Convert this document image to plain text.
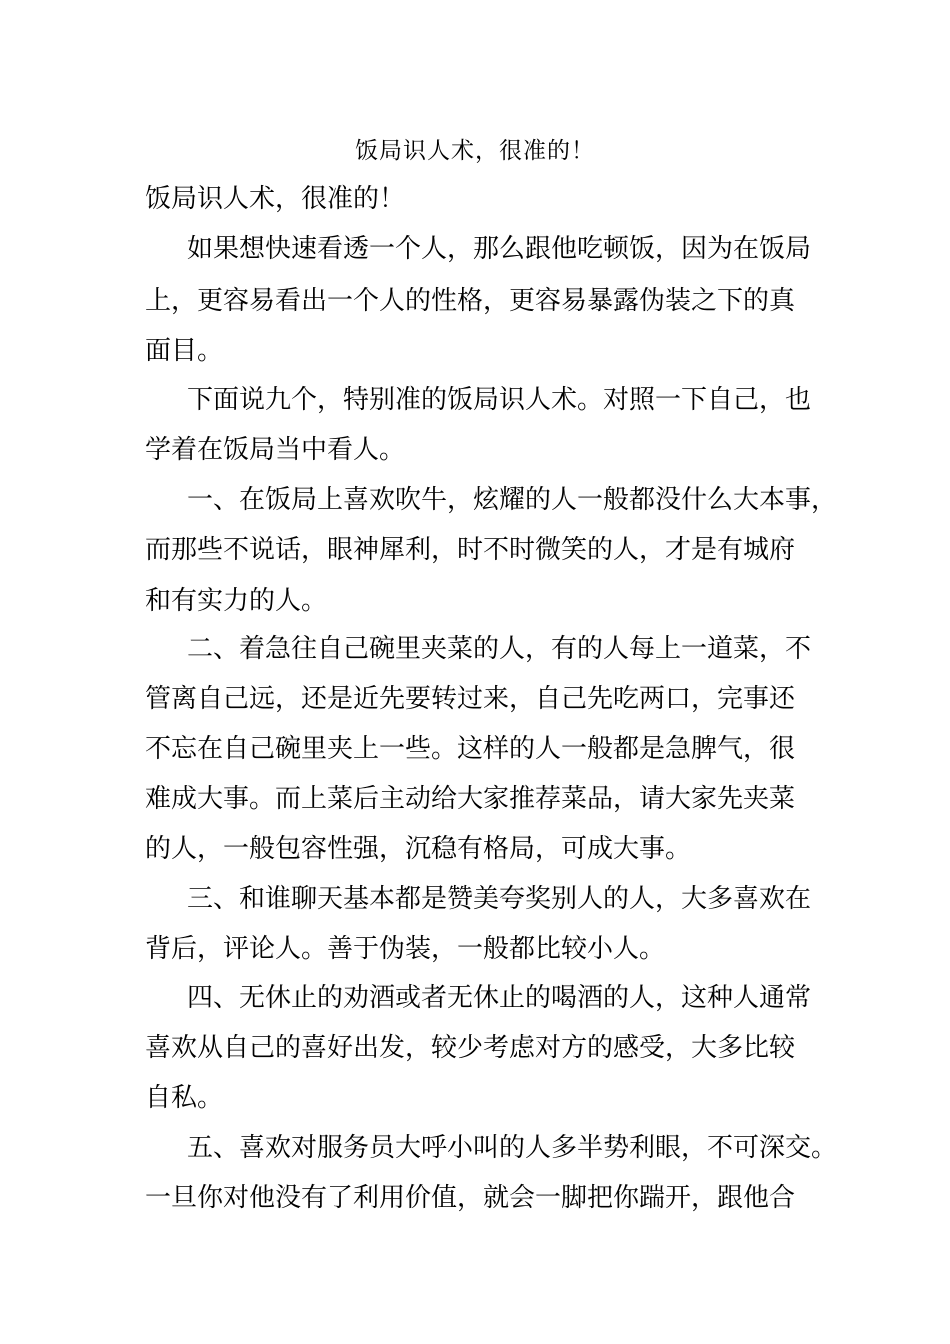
饭局识人术，很准的！
饭局识人术，很准的！
如果想快速看透一个人，那么跟他吃顿饭，因为在饭局
上，更容易看出一个人的性格，更容易暴露伪装之下的真
面目。
下面说九个，特别准的饭局识人术。对照一下自己，也
学着在饭局当中看人。
一、在饭局上喜欢吹牛，炫耀的人一般都没什么大本事，
而那些不说话，眼神犀利，时不时微笑的人，才是有城府
和有实力的人。
二、着急往自己碗里夹菜的人，有的人每上一道菜，不
管离自己远，还是近先要转过来，自己先吃两口，完事还
不忘在自己碗里夹上一些。这样的人一般都是急脾气，很
难成大事。而上菜后主动给大家推荐菜品，请大家先夹菜
的人，一般包容性强，沉稳有格局，可成大事。
三、和谁聊天基本都是赞美夸奖别人的人，大多喜欢在
背后，评论人。善于伪装，一般都比较小人。
四、无休止的劝酒或者无休止的喝酒的人，这种人通常
喜欢从自己的喜好出发，较少考虑对方的感受，大多比较
自私。
五、喜欢对服务员大呼小叫的人多半势利眼，不可深交。
一旦你对他没有了利用价值，就会一脚把你踹开，跟他合
